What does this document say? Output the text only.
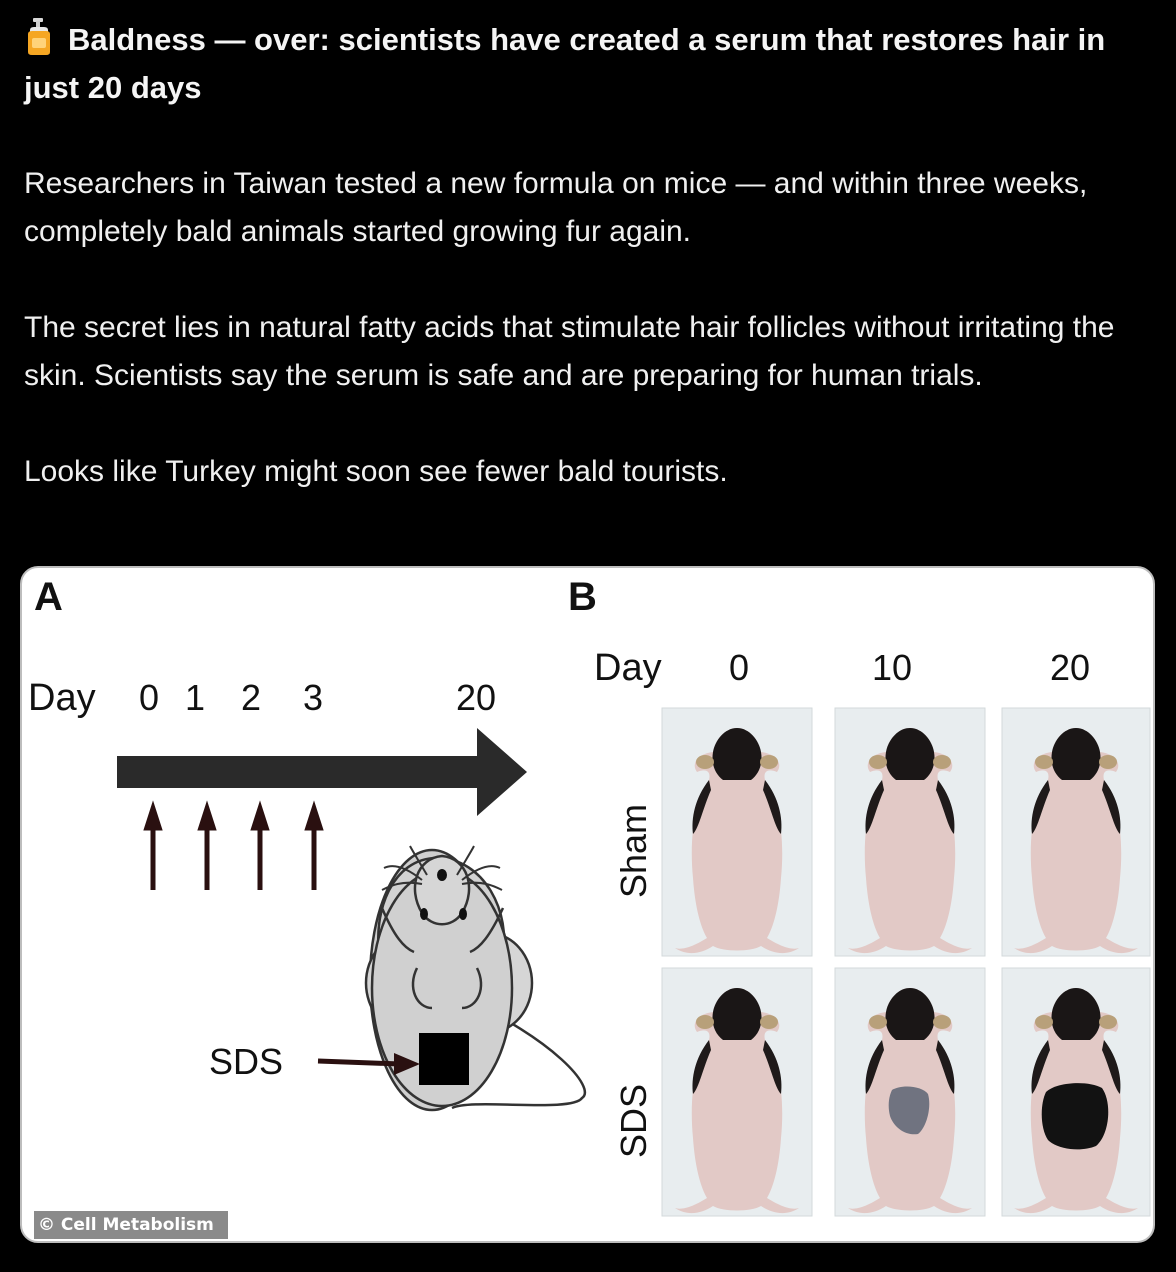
Baldness — over: scientists have created a serum that restores hair in just 20 days

Researchers in Taiwan tested a new formula on mice — and within three weeks, completely bald animals started growing fur again.

The secret lies in natural fatty acids that stimulate hair follicles without irritating the skin. Scientists say the serum is safe and are preparing for human trials.

Looks like Turkey might soon see fewer bald tourists.

A
Day 0 1 2 3	20
SDS
B
Day 0	10	20
Sham
SDS
© Cell Metabolism
